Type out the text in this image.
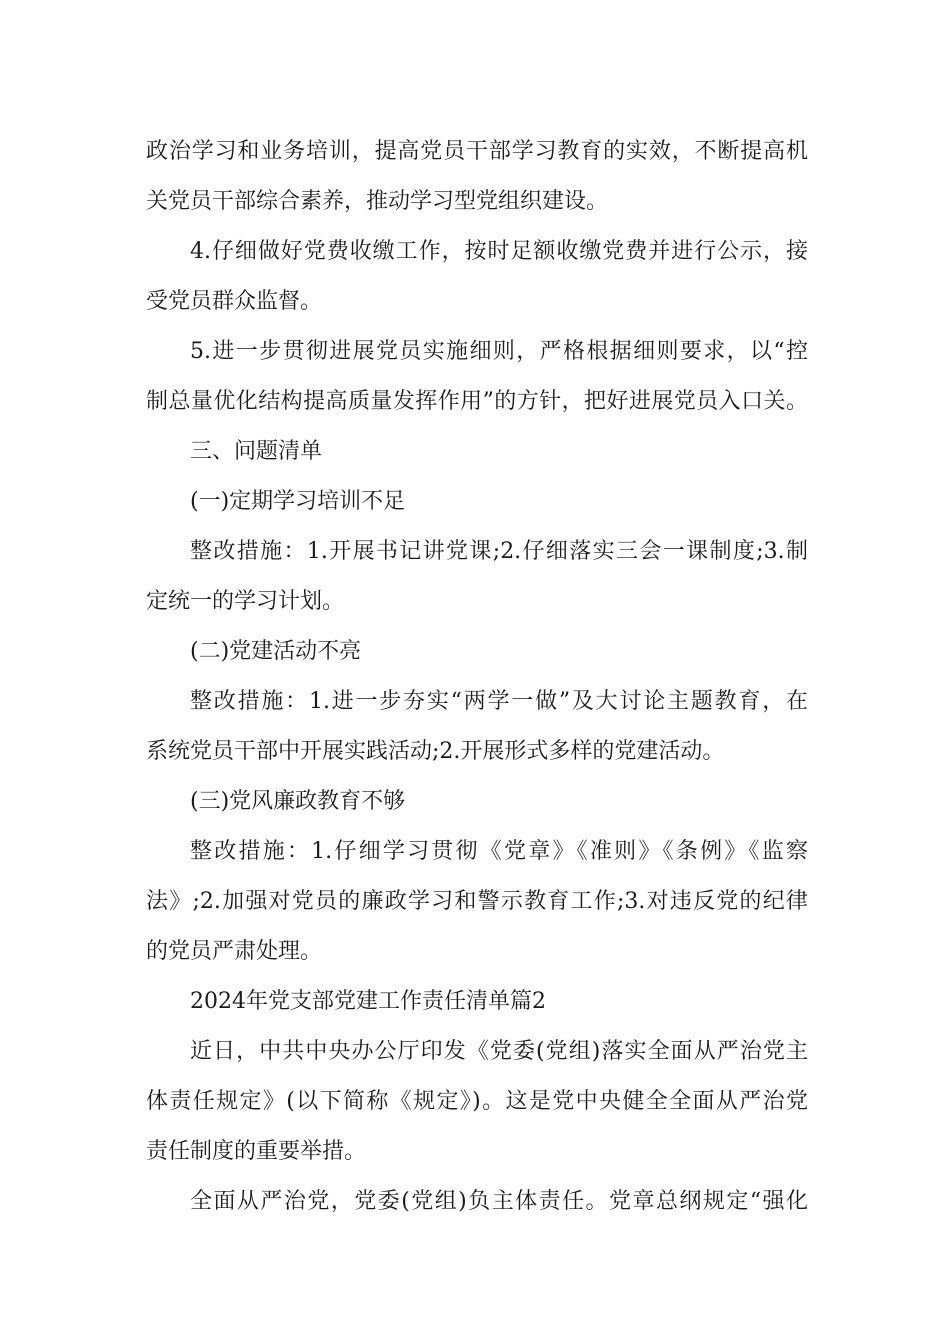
政治学习和业务培训，提高党员干部学习教育的实效，不断提高机
关党员干部综合素养，推动学习型党组织建设。
4.仔细做好党费收缴工作，按时足额收缴党费并进行公示，接
受党员群众监督。
5.进一步贯彻进展党员实施细则，严格根据细则要求，以“控
制总量优化结构提高质量发挥作用”的方针，把好进展党员入口关。
三、问题清单
(一)定期学习培训不足
整改措施：1.开展书记讲党课;2.仔细落实三会一课制度;3.制
定统一的学习计划。
(二)党建活动不亮
整改措施：1.进一步夯实“两学一做”及大讨论主题教育，在
系统党员干部中开展实践活动;2.开展形式多样的党建活动。
(三)党风廉政教育不够
整改措施：1.仔细学习贯彻《党章》《准则》《条例》《监察
法》;2.加强对党员的廉政学习和警示教育工作;3.对违反党的纪律
的党员严肃处理。
2024年党支部党建工作责任清单篇2
近日，中共中央办公厅印发《党委(党组)落实全面从严治党主
体责任规定》(以下简称《规定》)。这是党中央健全全面从严治党
责任制度的重要举措。
全面从严治党，党委(党组)负主体责任。党章总纲规定“强化
